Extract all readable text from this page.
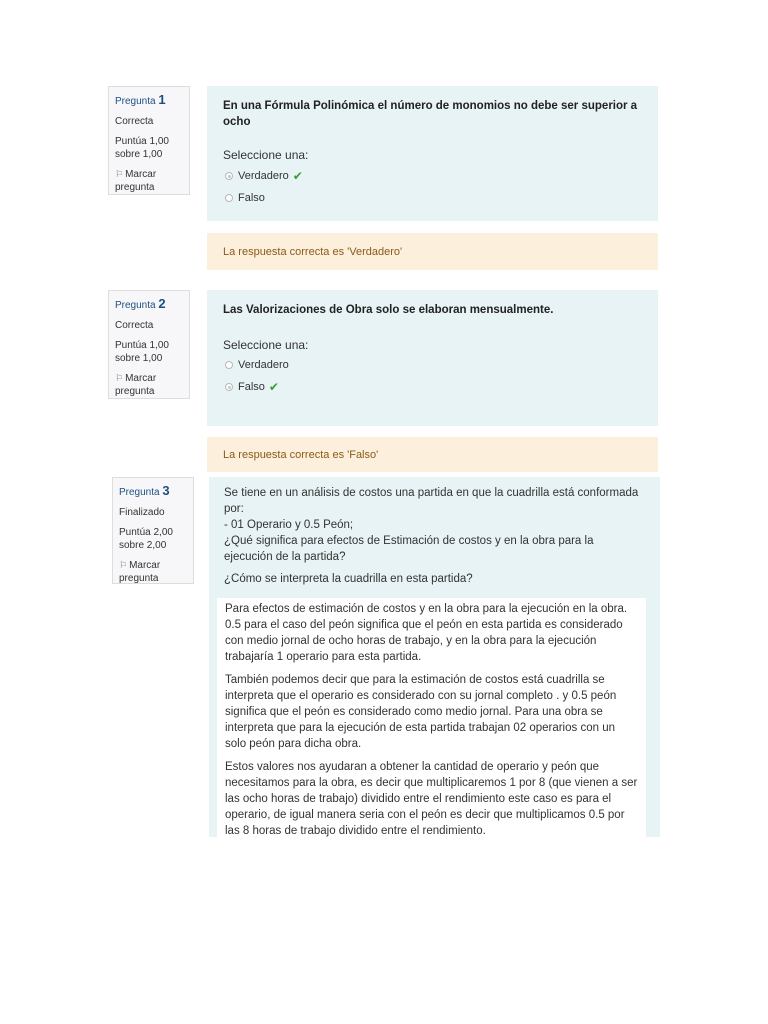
Pregunta 1
Correcta
Puntúa 1,00 sobre 1,00
⚐ Marcar pregunta
En una Fórmula Polinómica el número de monomios no debe ser superior a ocho
Seleccione una:
Verdadero ✔
Falso
La respuesta correcta es 'Verdadero'
Pregunta 2
Correcta
Puntúa 1,00 sobre 1,00
⚐ Marcar pregunta
Las Valorizaciones de Obra solo se elaboran mensualmente.
Seleccione una:
Verdadero
Falso ✔
La respuesta correcta es 'Falso'
Pregunta 3
Finalizado
Puntúa 2,00 sobre 2,00
⚐ Marcar pregunta

Se tiene en un análisis de costos una partida en que la cuadrilla está conformada por:

- 01 Operario y 0.5 Peón;

¿Qué significa para efectos de Estimación de costos y en la obra para la ejecución de la partida?

¿Cómo se interpreta la cuadrilla en esta partida?

Para efectos de estimación de costos y en la obra para la ejecución en la obra. 0.5 para el caso del peón significa que el peón en esta partida es considerado con medio jornal de ocho horas de trabajo, y en la obra para la ejecución trabajaría 1 operario para esta partida.

También podemos decir que para la estimación de costos está cuadrilla se interpreta que el operario es considerado con su jornal completo . y 0.5 peón significa que el peón es considerado como medio jornal. Para una obra se interpreta que para la ejecución de esta partida trabajan 02 operarios con un solo peón para dicha obra.

Estos valores nos ayudaran a obtener la cantidad de operario y peón que necesitamos para la obra, es decir que multiplicaremos 1 por 8 (que vienen a ser las ocho horas de trabajo) dividido entre el rendimiento este caso es para el operario, de igual manera seria con el peón es decir que multiplicamos 0.5 por las 8 horas de trabajo dividido entre el rendimiento.
